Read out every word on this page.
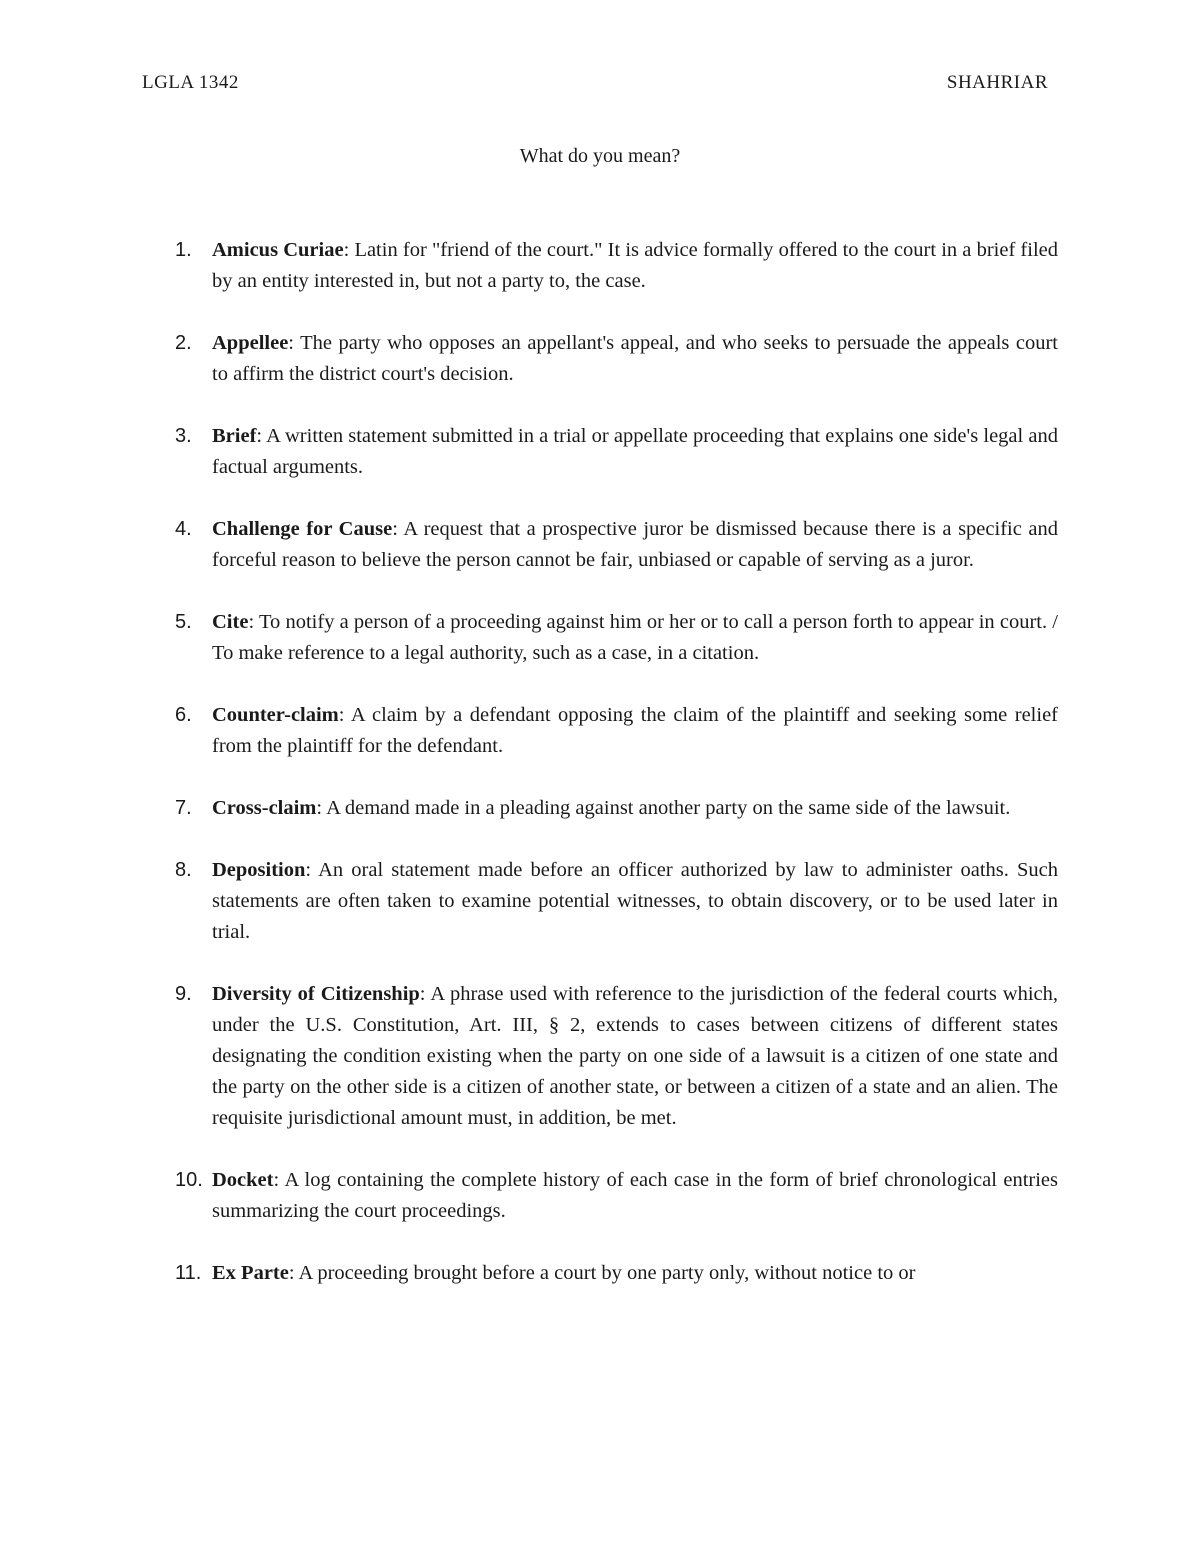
LGLA 1342	SHAHRIAR
What do you mean?
1. Amicus Curiae: Latin for "friend of the court." It is advice formally offered to the court in a brief filed by an entity interested in, but not a party to, the case.
2. Appellee: The party who opposes an appellant's appeal, and who seeks to persuade the appeals court to affirm the district court's decision.
3. Brief: A written statement submitted in a trial or appellate proceeding that explains one side's legal and factual arguments.
4. Challenge for Cause: A request that a prospective juror be dismissed because there is a specific and forceful reason to believe the person cannot be fair, unbiased or capable of serving as a juror.
5. Cite: To notify a person of a proceeding against him or her or to call a person forth to appear in court. / To make reference to a legal authority, such as a case, in a citation.
6. Counter-claim: A claim by a defendant opposing the claim of the plaintiff and seeking some relief from the plaintiff for the defendant.
7. Cross-claim: A demand made in a pleading against another party on the same side of the lawsuit.
8. Deposition: An oral statement made before an officer authorized by law to administer oaths. Such statements are often taken to examine potential witnesses, to obtain discovery, or to be used later in trial.
9. Diversity of Citizenship: A phrase used with reference to the jurisdiction of the federal courts which, under the U.S. Constitution, Art. III, § 2, extends to cases between citizens of different states designating the condition existing when the party on one side of a lawsuit is a citizen of one state and the party on the other side is a citizen of another state, or between a citizen of a state and an alien. The requisite jurisdictional amount must, in addition, be met.
10. Docket: A log containing the complete history of each case in the form of brief chronological entries summarizing the court proceedings.
11. Ex Parte: A proceeding brought before a court by one party only, without notice to or
